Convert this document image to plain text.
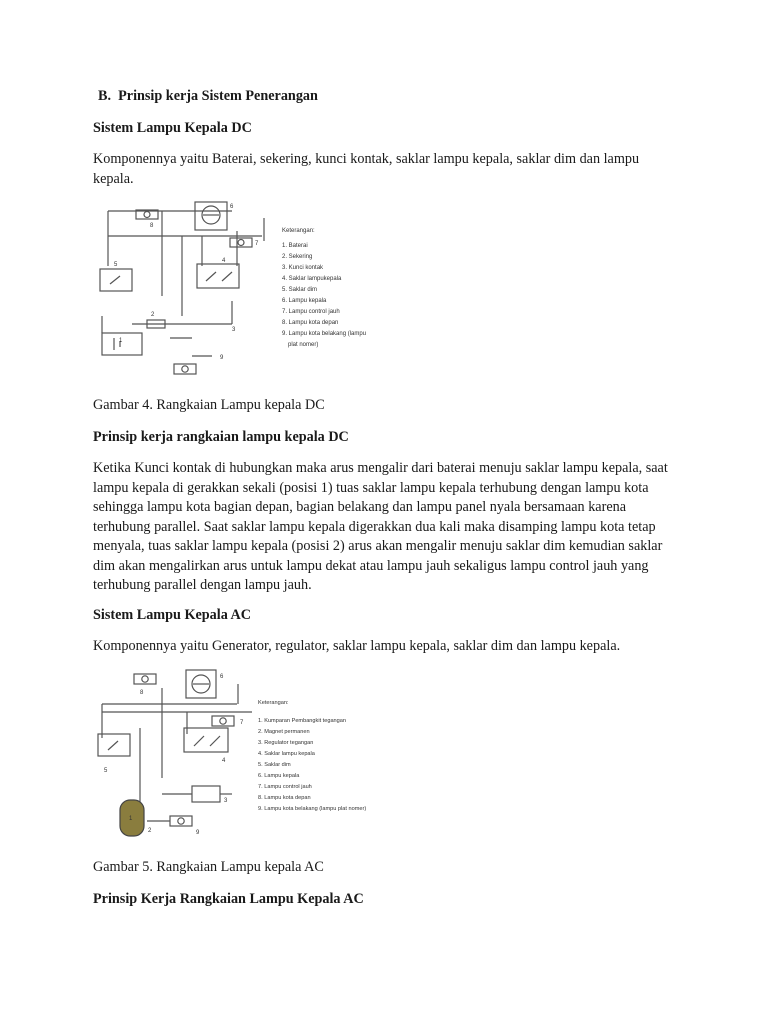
B. Prinsip kerja Sistem Penerangan
Sistem Lampu Kepala DC
Komponennya yaitu Baterai, sekering, kunci kontak, saklar lampu kepala, saklar dim dan lampu kepala.
8
6
7
5
4
2
3
1
9
Keterangan:
1. Baterai
2. Sekering
3. Kunci kontak
4. Saklar lampukepala
5. Saklar dim
6. Lampu kepala
7. Lampu control jauh
8. Lampu kota depan
9. Lampu kota belakang (lampu
plat nomer)
Gambar 4. Rangkaian Lampu kepala DC
Prinsip kerja rangkaian lampu kepala DC
Ketika Kunci kontak di hubungkan maka arus mengalir dari baterai menuju saklar lampu kepala, saat lampu kepala di gerakkan sekali (posisi 1) tuas saklar lampu kepala terhubung dengan lampu kota sehingga lampu kota bagian depan, bagian belakang dan lampu panel nyala bersamaan karena terhubung parallel. Saat saklar lampu kepala digerakkan dua kali maka disamping lampu kota tetap menyala, tuas saklar lampu kepala (posisi 2) arus akan mengalir menuju saklar dim kemudian saklar dim akan mengalirkan arus untuk lampu dekat atau lampu jauh sekaligus lampu control jauh yang terhubung parallel dengan lampu jauh.
Sistem Lampu Kepala AC
Komponennya yaitu Generator, regulator, saklar lampu kepala, saklar dim dan lampu kepala.
8
6
7
5
4
3
1
2	9
Keterangan:
1. Kumparan Pembangkit tegangan
2. Magnet permanen
3. Regulator tegangan
4. Saklar lampu kepala
5. Saklar dim
6. Lampu kepala
7. Lampu control jauh
8. Lampu kota depan
9. Lampu kota belakang (lampu plat nomer)
Gambar 5. Rangkaian Lampu kepala AC
Prinsip Kerja Rangkaian Lampu Kepala AC
